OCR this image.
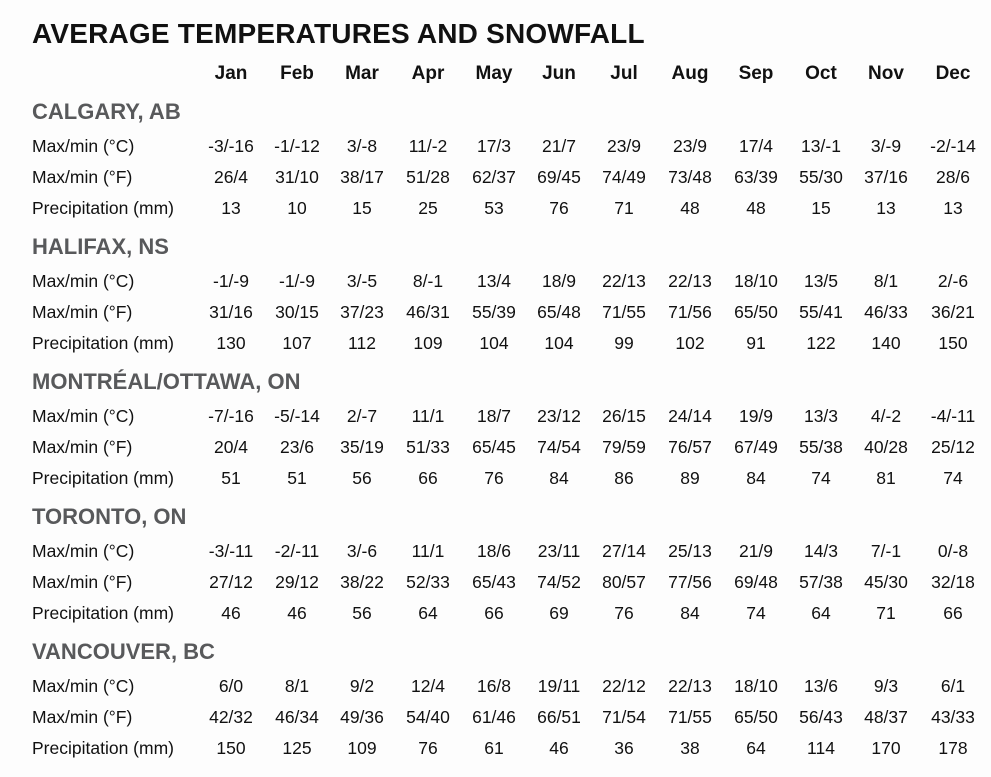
AVERAGE TEMPERATURES AND SNOWFALL
Jan	Feb	Mar	Apr	May	Jun	Jul	Aug	Sep	Oct	Nov	Dec
CALGARY, AB
Max/min (°C)	-3/-16	-1/-12	3/-8	11/-2	17/3	21/7	23/9	23/9	17/4	13/-1	3/-9	-2/-14
Max/min (°F)	26/4	31/10	38/17	51/28	62/37	69/45	74/49	73/48	63/39	55/30	37/16	28/6
Precipitation (mm)	13	10	15	25	53	76	71	48	48	15	13	13
HALIFAX, NS
Max/min (°C)	-1/-9	-1/-9	3/-5	8/-1	13/4	18/9	22/13	22/13	18/10	13/5	8/1	2/-6
Max/min (°F)	31/16	30/15	37/23	46/31	55/39	65/48	71/55	71/56	65/50	55/41	46/33	36/21
Precipitation (mm)	130	107	112	109	104	104	99	102	91	122	140	150
MONTRÉAL/OTTAWA, ON
Max/min (°C)	-7/-16	-5/-14	2/-7	11/1	18/7	23/12	26/15	24/14	19/9	13/3	4/-2	-4/-11
Max/min (°F)	20/4	23/6	35/19	51/33	65/45	74/54	79/59	76/57	67/49	55/38	40/28	25/12
Precipitation (mm)	51	51	56	66	76	84	86	89	84	74	81	74
TORONTO, ON
Max/min (°C)	-3/-11	-2/-11	3/-6	11/1	18/6	23/11	27/14	25/13	21/9	14/3	7/-1	0/-8
Max/min (°F)	27/12	29/12	38/22	52/33	65/43	74/52	80/57	77/56	69/48	57/38	45/30	32/18
Precipitation (mm)	46	46	56	64	66	69	76	84	74	64	71	66
VANCOUVER, BC
Max/min (°C)	6/0	8/1	9/2	12/4	16/8	19/11	22/12	22/13	18/10	13/6	9/3	6/1
Max/min (°F)	42/32	46/34	49/36	54/40	61/46	66/51	71/54	71/55	65/50	56/43	48/37	43/33
Precipitation (mm)	150	125	109	76	61	46	36	38	64	114	170	178
